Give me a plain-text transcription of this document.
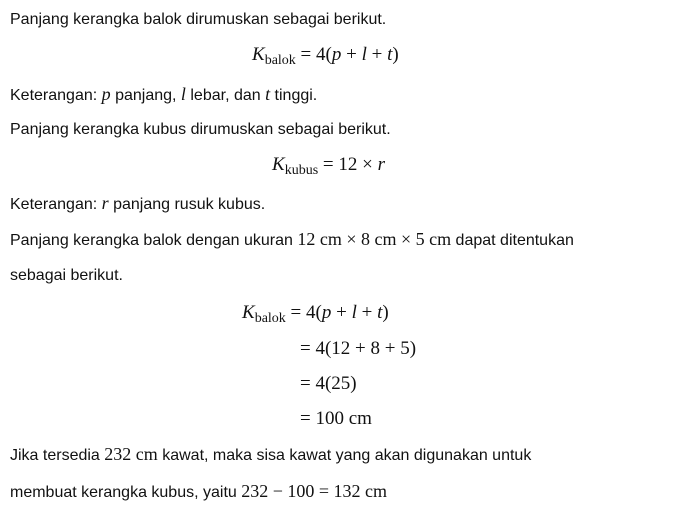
Panjang kerangka balok dirumuskan sebagai berikut.
$K_{balok} = 4(p + l + t)$
Keterangan: p panjang, l lebar, dan t tinggi.
Panjang kerangka kubus dirumuskan sebagai berikut.
$K_{kubus} = 12 \times r$
Keterangan: r panjang rusuk kubus.
Panjang kerangka balok dengan ukuran 12 cm × 8 cm × 5 cm dapat ditentukan
sebagai berikut.
$K_{balok} = 4(p + l + t)$
= 4(12 + 8 + 5)
= 4(25)
= 100 cm
Jika tersedia 232 cm kawat, maka sisa kawat yang akan digunakan untuk
membuat kerangka kubus, yaitu 232 − 100 = 132 cm
